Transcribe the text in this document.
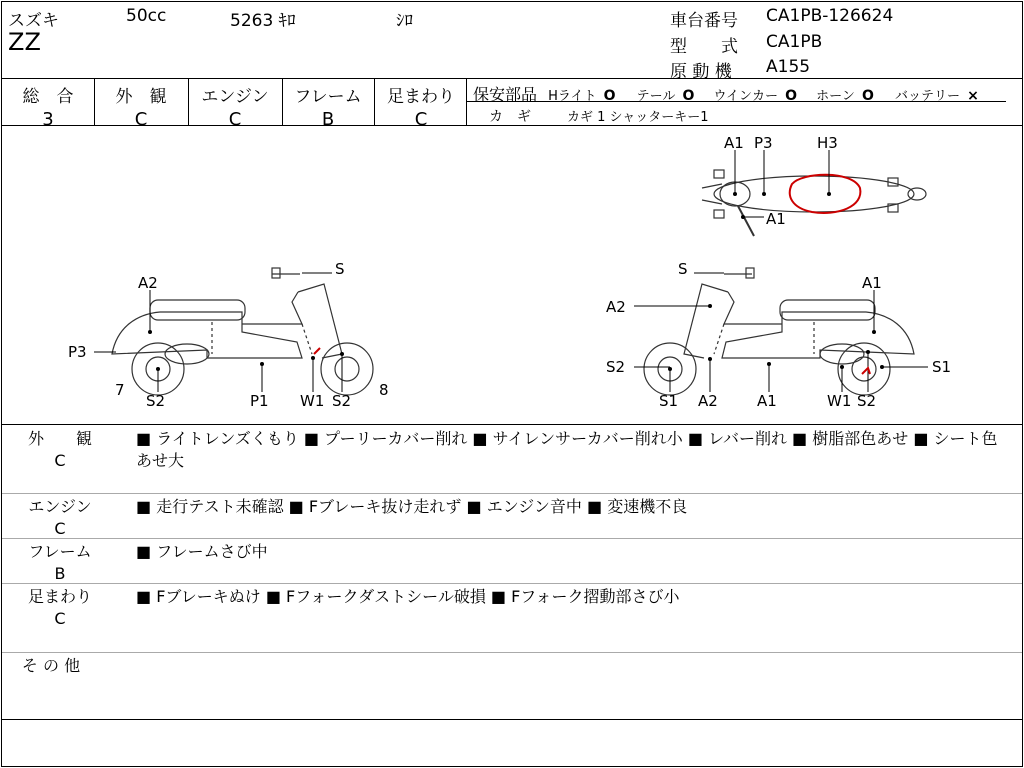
スズキ	50cc	5263 ｷﾛ	ｼﾛ
ZZ
車台番号 CA1PB-126624
型　　式 CA1PB
原 動 機 A155
総　合
3
外　観
C
エンジン
C
フレーム
B
足まわり
C
保安部品 Hライト O テール O ウインカー O ホーン O バッテリー ×
カ　ギ	カギ 1 シャッターキー1
A1 P3	H3
A1
S
A2
P3
7
S2	P1 W1 S2
8
S
A1
A2
S2	S1
S1 A2	A1	W1 S2
外　　観
C
■ ライトレンズくもり ■ プーリーカバー削れ ■ サイレンサーカバー削れ小 ■ レバー削れ ■ 樹脂部色あせ ■ シート色あせ大
エンジン
C
■ 走行テスト未確認 ■ Fブレーキ抜け走れず ■ エンジン音中 ■ 変速機不良
フレーム
B
■ フレームさび中
足まわり
C
■ Fブレーキぬけ ■ Fフォークダストシール破損 ■ Fフォーク摺動部さび小
そ の 他
